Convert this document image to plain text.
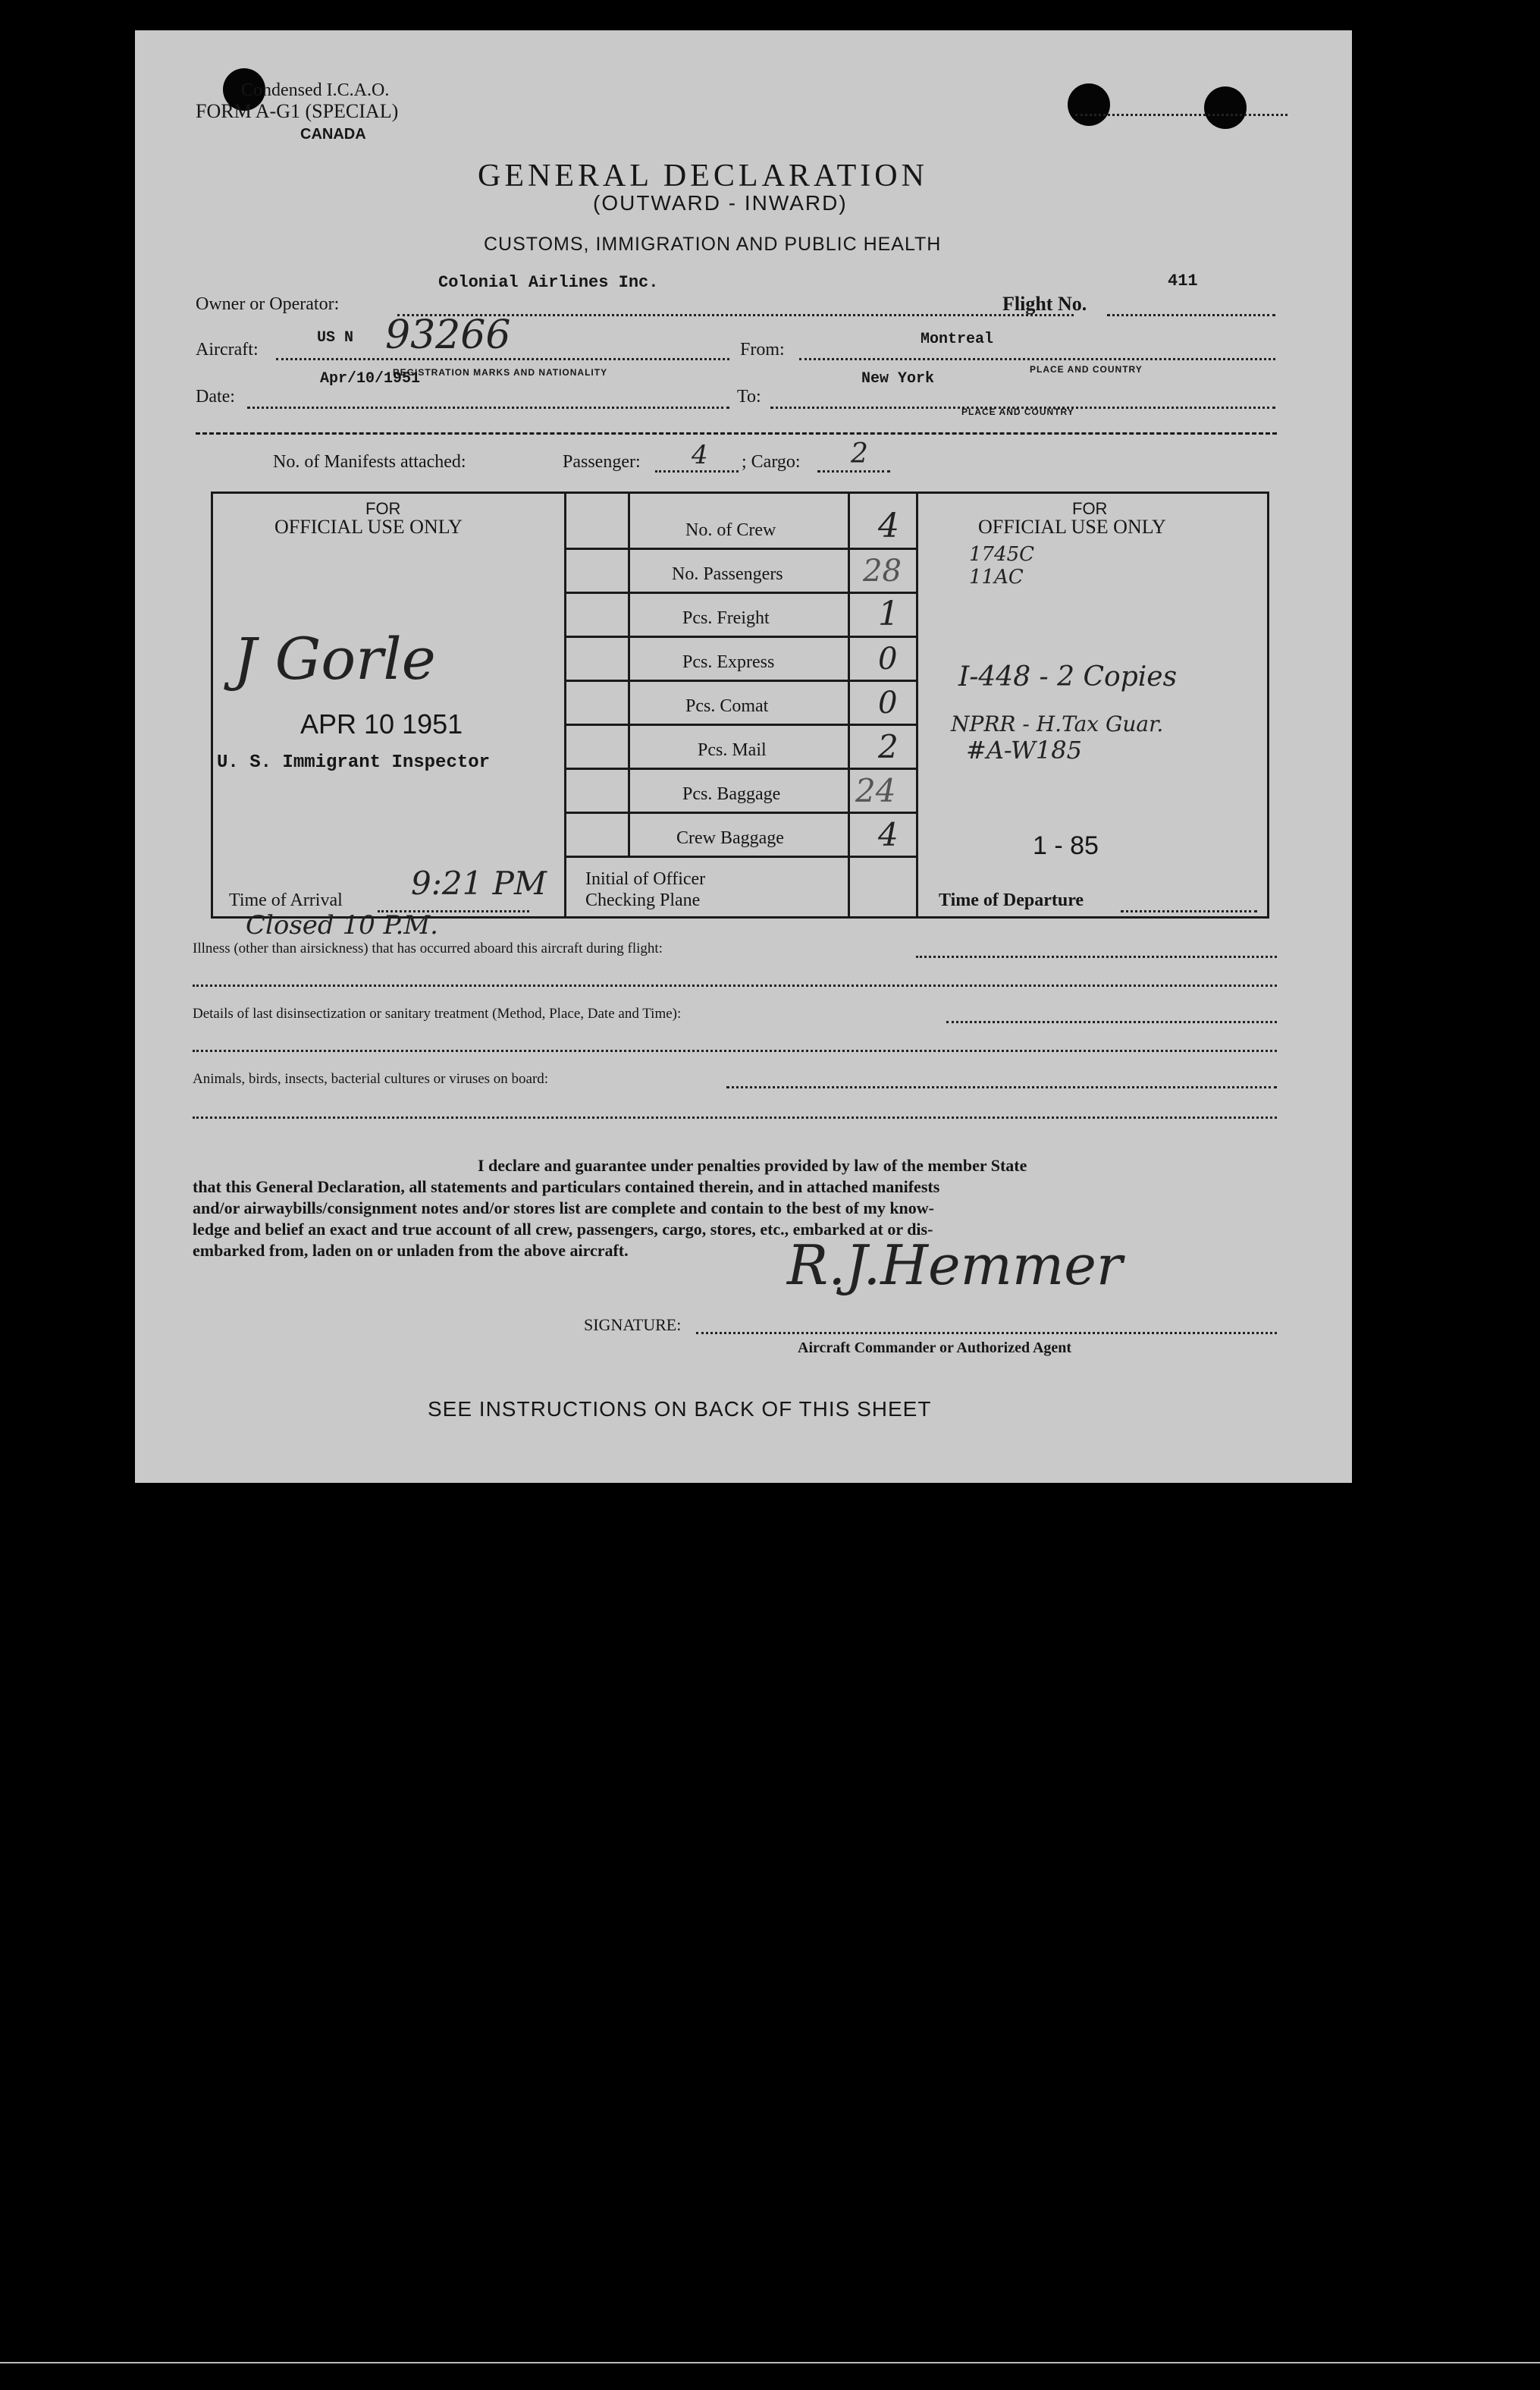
Condensed I.C.A.O.
FORM A-G1 (SPECIAL)
CANADA
GENERAL DECLARATION
(OUTWARD - INWARD)
CUSTOMS, IMMIGRATION AND PUBLIC HEALTH
Owner or Operator:
Colonial Airlines Inc.
Flight No.
411
Aircraft:
US N 93266
REGISTRATION MARKS AND NATIONALITY
From:
Montreal
PLACE AND COUNTRY
Date:
Apr/10/1951
To:
New York
PLACE AND COUNTRY
No. of Manifests attached:	Passenger: 4 ; Cargo: 2
FOR
OFFICIAL USE ONLY
FOR
OFFICIAL USE ONLY
No. of Crew	4
No. Passengers	28
Pcs. Freight	1
Pcs. Express	0
Pcs. Comat	0
Pcs. Mail	2
Pcs. Baggage 24
Crew Baggage	4
J Gorle
APR 10 1951
U. S. Immigrant Inspector
Time of Arrival 9:21 PM
Closed 10 P.M.
Initial of Officer
Checking Plane
1745C
11AC
I-448 - 2 Copies
NPRR - H.Tax Guar.
#A-W185
1 - 85
Time of Departure
Illness (other than airsickness) that has occurred aboard this aircraft during flight:
Details of last disinsectization or sanitary treatment (Method, Place, Date and Time):
Animals, birds, insects, bacterial cultures or viruses on board:
I declare and guarantee under penalties provided by law of the member State
that this General Declaration, all statements and particulars contained therein, and in attached manifests
and/or airwaybills/consignment notes and/or stores list are complete and contain to the best of my know-
ledge and belief an exact and true account of all crew, passengers, cargo, stores, etc., embarked at or dis-
embarked from, laden on or unladen from the above aircraft.	R.J.Hemmer
SIGNATURE:
Aircraft Commander or Authorized Agent
SEE INSTRUCTIONS ON BACK OF THIS SHEET
